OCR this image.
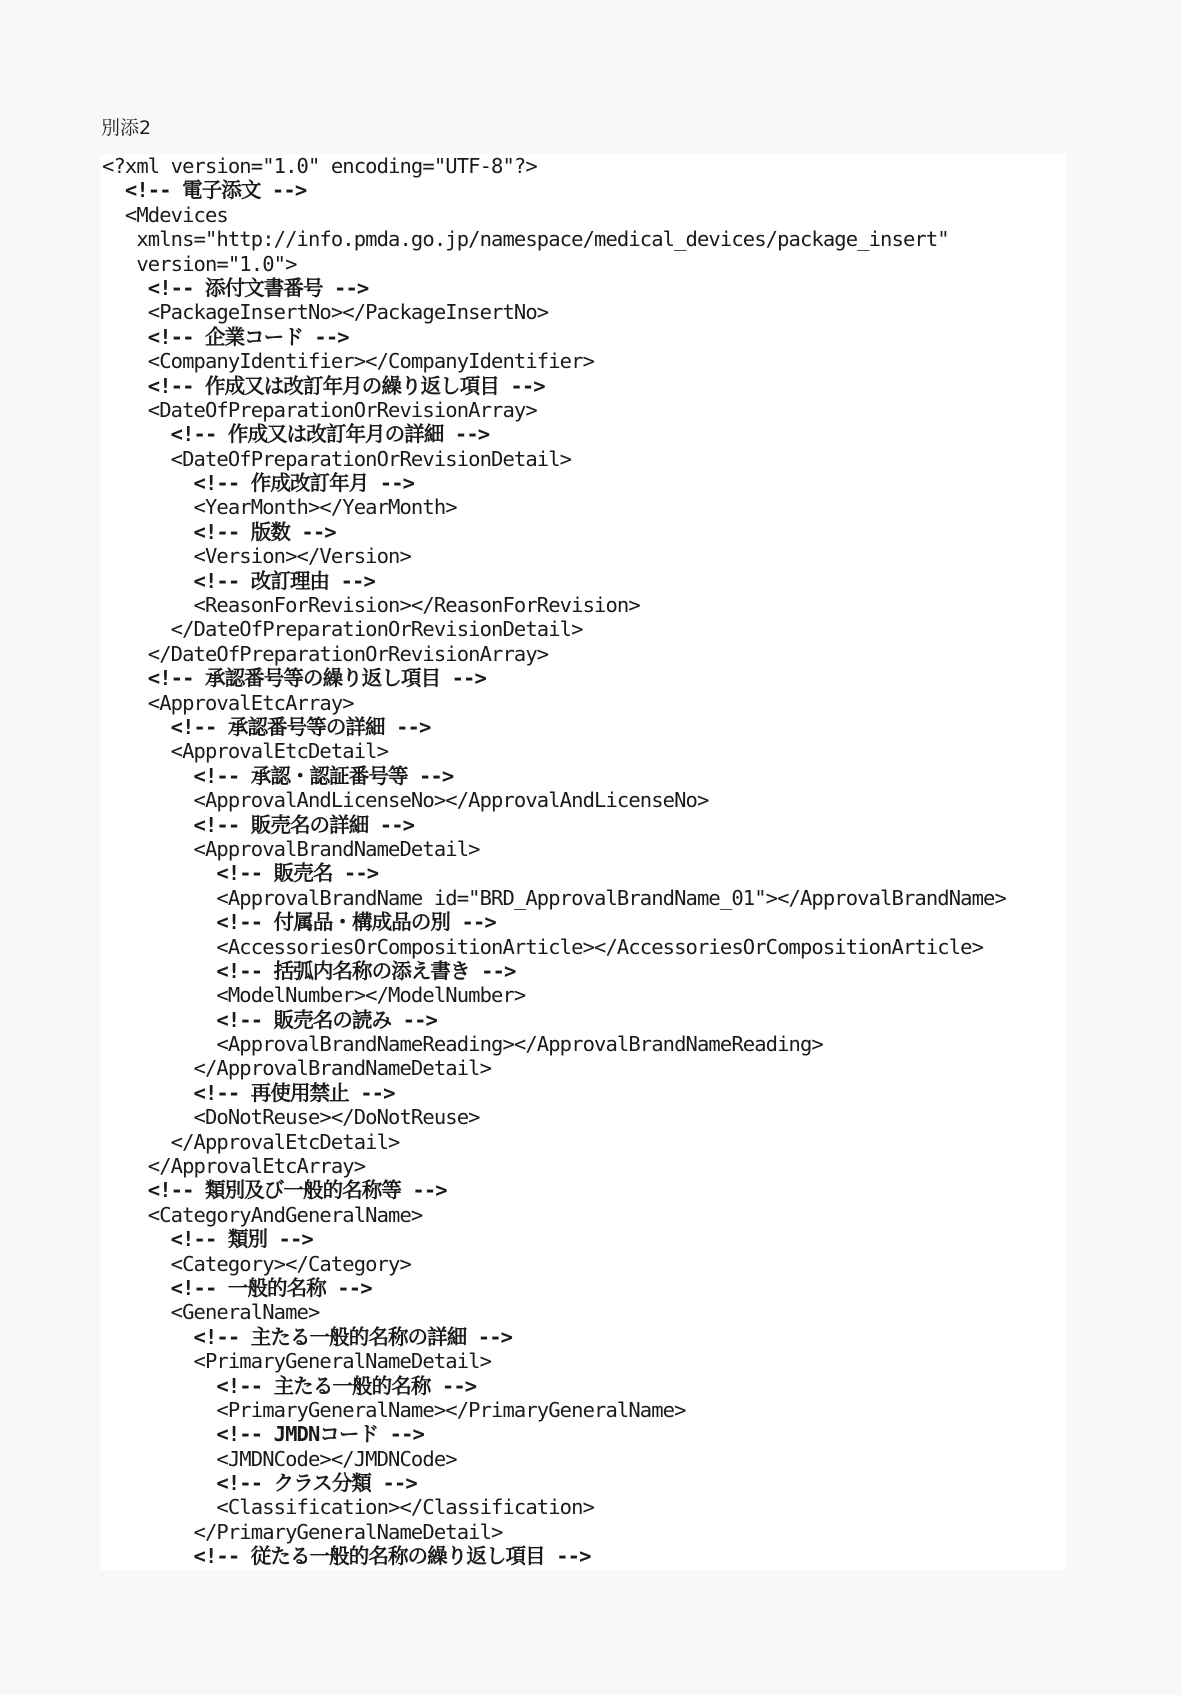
別添2
<?xml version="1.0" encoding="UTF-8"?>
<!-- 電子添文 -->
<Mdevices
xmlns="http://info.pmda.go.jp/namespace/medical_devices/package_insert"
version="1.0">
<!-- 添付文書番号 -->
<PackageInsertNo></PackageInsertNo>
<!-- 企業コード -->
<CompanyIdentifier></CompanyIdentifier>
<!-- 作成又は改訂年月の繰り返し項目 -->
<DateOfPreparationOrRevisionArray>
<!-- 作成又は改訂年月の詳細 -->
<DateOfPreparationOrRevisionDetail>
<!-- 作成改訂年月 -->
<YearMonth></YearMonth>
<!-- 版数 -->
<Version></Version>
<!-- 改訂理由 -->
<ReasonForRevision></ReasonForRevision>
</DateOfPreparationOrRevisionDetail>
</DateOfPreparationOrRevisionArray>
<!-- 承認番号等の繰り返し項目 -->
<ApprovalEtcArray>
<!-- 承認番号等の詳細 -->
<ApprovalEtcDetail>
<!-- 承認・認証番号等 -->
<ApprovalAndLicenseNo></ApprovalAndLicenseNo>
<!-- 販売名の詳細 -->
<ApprovalBrandNameDetail>
<!-- 販売名 -->
<ApprovalBrandName id="BRD_ApprovalBrandName_01"></ApprovalBrandName>
<!-- 付属品・構成品の別 -->
<AccessoriesOrCompositionArticle></AccessoriesOrCompositionArticle>
<!-- 括弧内名称の添え書き -->
<ModelNumber></ModelNumber>
<!-- 販売名の読み -->
<ApprovalBrandNameReading></ApprovalBrandNameReading>
</ApprovalBrandNameDetail>
<!-- 再使用禁止 -->
<DoNotReuse></DoNotReuse>
</ApprovalEtcDetail>
</ApprovalEtcArray>
<!-- 類別及び一般的名称等 -->
<CategoryAndGeneralName>
<!-- 類別 -->
<Category></Category>
<!-- 一般的名称 -->
<GeneralName>
<!-- 主たる一般的名称の詳細 -->
<PrimaryGeneralNameDetail>
<!-- 主たる一般的名称 -->
<PrimaryGeneralName></PrimaryGeneralName>
<!-- JMDNコード -->
<JMDNCode></JMDNCode>
<!-- クラス分類 -->
<Classification></Classification>
</PrimaryGeneralNameDetail>
<!-- 従たる一般的名称の繰り返し項目 -->
